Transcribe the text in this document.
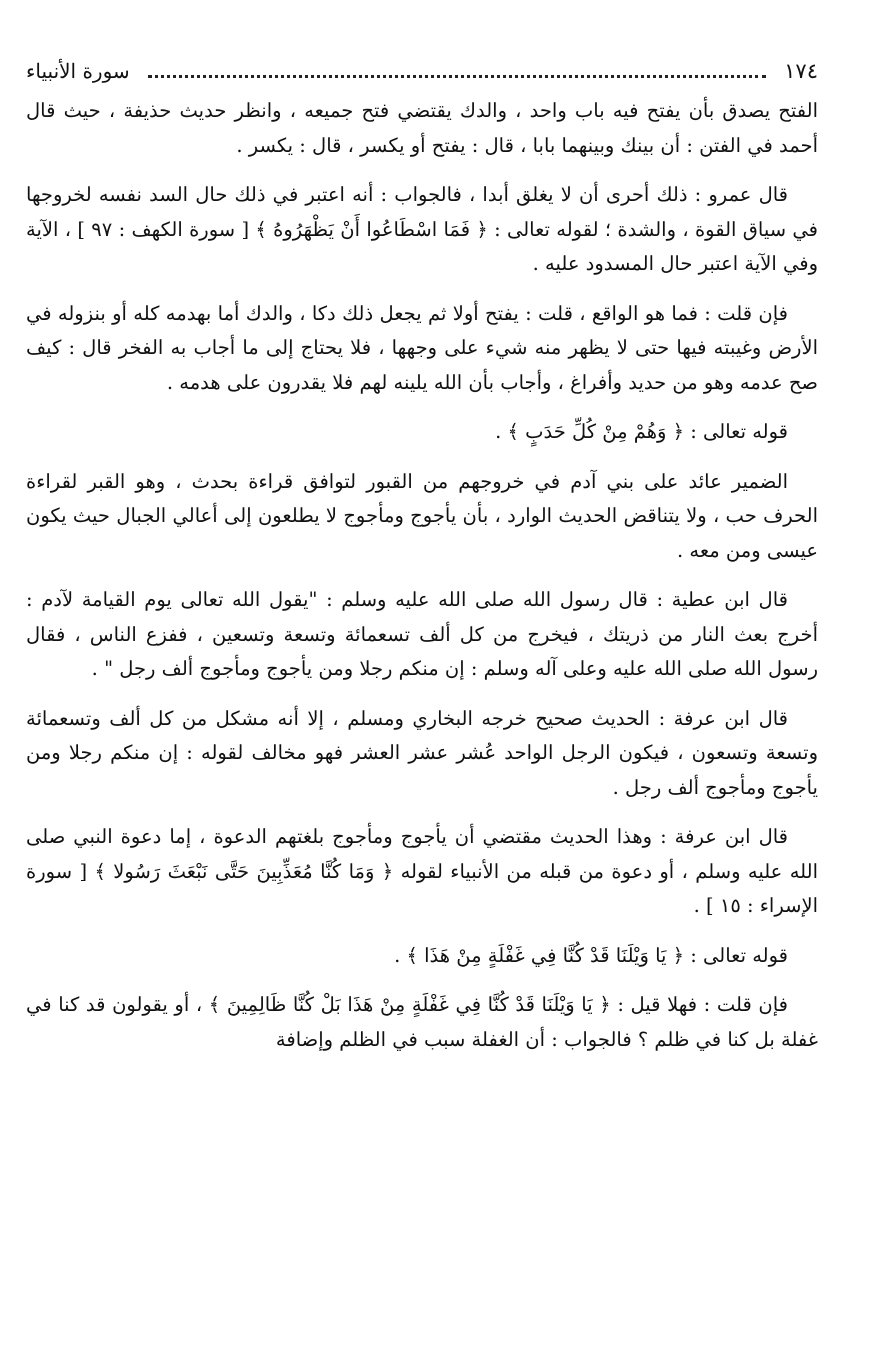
١٧٤
سورة الأنبياء

الفتح يصدق بأن يفتح فيه باب واحد ، والدك يقتضي فتح جميعه ، وانظر حديث حذيفة ، حيث قال أحمد في الفتن : أن بينك وبينهما بابا ، قال : يفتح أو يكسر ، قال : يكسر .

قال عمرو : ذلك أحرى أن لا يغلق أبدا ، فالجواب : أنه اعتبر في ذلك حال السد نفسه لخروجها في سياق القوة ، والشدة ؛ لقوله تعالى : ﴿ فَمَا اسْطَاعُوا أَنْ يَظْهَرُوهُ ﴾ [ سورة الكهف : ٩٧ ] ، الآية وفي الآية اعتبر حال المسدود عليه .

فإن قلت : فما هو الواقع ، قلت : يفتح أولا ثم يجعل ذلك دكا ، والدك أما بهدمه كله أو بنزوله في الأرض وغيبته فيها حتى لا يظهر منه شيء على وجهها ، فلا يحتاج إلى ما أجاب به الفخر قال : كيف صح عدمه وهو من حديد وأفراغ ، وأجاب بأن الله يلينه لهم فلا يقدرون على هدمه .

قوله تعالى : ﴿ وَهُمْ مِنْ كُلِّ حَدَبٍ ﴾ .

الضمير عائد على بني آدم في خروجهم من القبور لتوافق قراءة بحدث ، وهو القبر لقراءة الحرف حب ، ولا يتناقض الحديث الوارد ، بأن يأجوج ومأجوج لا يطلعون إلى أعالي الجبال حيث يكون عيسى ومن معه .

قال ابن عطية : قال رسول الله صلى الله عليه وسلم : "يقول الله تعالى يوم القيامة لآدم : أخرج بعث النار من ذريتك ، فيخرج من كل ألف تسعمائة وتسعة وتسعين ، ففزع الناس ، فقال رسول الله صلى الله عليه وعلى آله وسلم : إن منكم رجلا ومن يأجوج ومأجوج ألف رجل " .

قال ابن عرفة : الحديث صحيح خرجه البخاري ومسلم ، إلا أنه مشكل من كل ألف وتسعمائة وتسعة وتسعون ، فيكون الرجل الواحد عُشر عشر العشر فهو مخالف لقوله : إن منكم رجلا ومن يأجوج ومأجوج ألف رجل .

قال ابن عرفة : وهذا الحديث مقتضي أن يأجوج ومأجوج بلغتهم الدعوة ، إما دعوة النبي صلى الله عليه وسلم ، أو دعوة من قبله من الأنبياء لقوله ﴿ وَمَا كُنَّا مُعَذِّبِينَ حَتَّى نَبْعَثَ رَسُولا ﴾ [ سورة الإسراء : ١٥ ] .

قوله تعالى : ﴿ يَا وَيْلَنَا قَدْ كُنَّا فِي غَفْلَةٍ مِنْ هَذَا ﴾ .

فإن قلت : فهلا قيل : ﴿ يَا وَيْلَنَا قَدْ كُنَّا فِي غَفْلَةٍ مِنْ هَذَا بَلْ كُنَّا ظَالِمِينَ ﴾ ، أو يقولون قد كنا في غفلة بل كنا في ظلم ؟ فالجواب : أن الغفلة سبب في الظلم وإضافة
